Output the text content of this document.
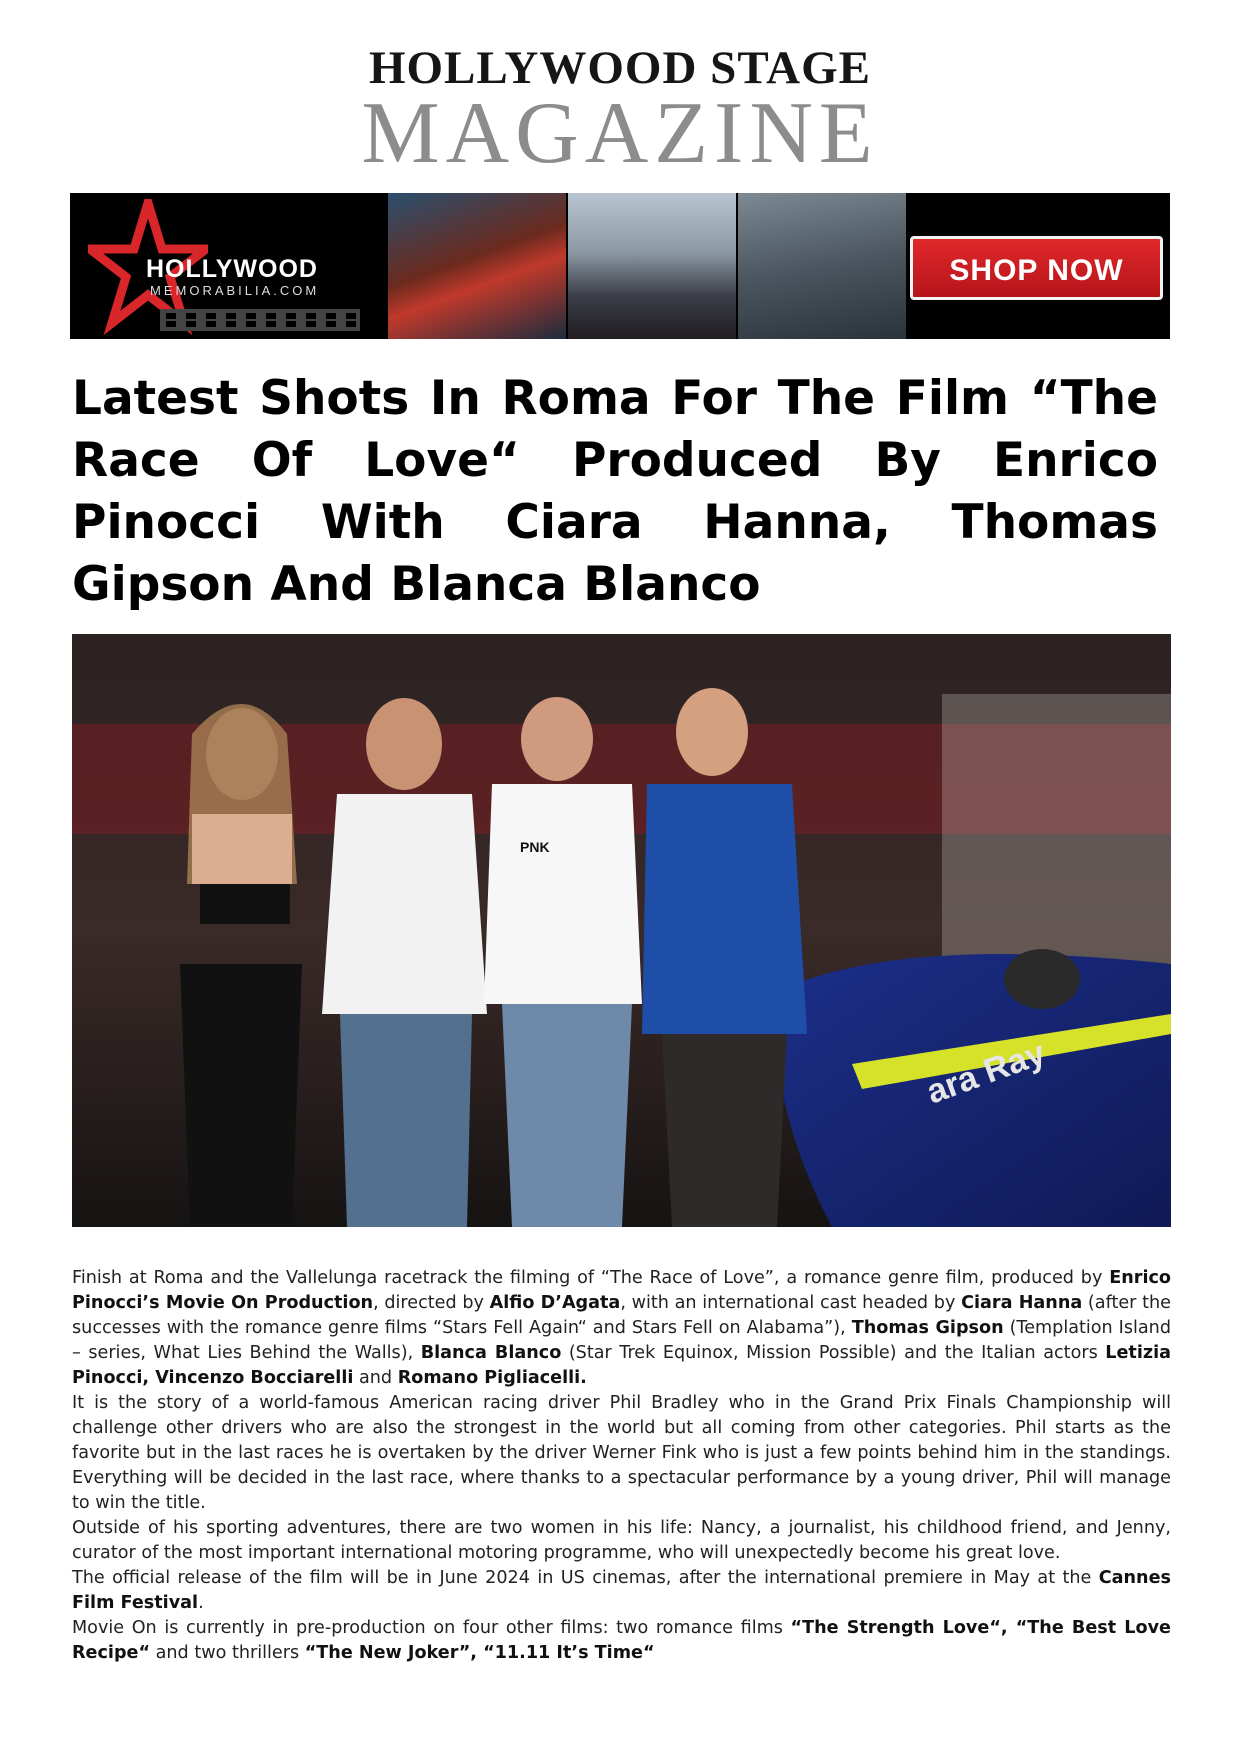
HOLLYWOOD STAGE
MAGAZINE
HOLLYWOOD
MEMORABILIA.COM
SHOP NOW
Latest Shots In Roma For The Film “The Race Of Love“ Produced By Enrico Pinocci With Ciara Hanna, Thomas Gipson And Blanca Blanco
ara Ray
PNK

Finish at Roma and the Vallelunga racetrack the filming of “The Race of Love”, a romance genre film, produced by Enrico Pinocci’s Movie On Production, directed by Alfio D’Agata, with an international cast headed by Ciara Hanna (after the successes with the romance genre films “Stars Fell Again“ and Stars Fell on Alabama”), Thomas Gipson (Templation Island – series, What Lies Behind the Walls), Blanca Blanco (Star Trek Equinox, Mission Possible) and the Italian actors Letizia Pinocci, Vincenzo Bocciarelli and Romano Pigliacelli.

It is the story of a world-famous American racing driver Phil Bradley who in the Grand Prix Finals Championship will challenge other drivers who are also the strongest in the world but all coming from other categories. Phil starts as the favorite but in the last races he is overtaken by the driver Werner Fink who is just a few points behind him in the standings. Everything will be decided in the last race, where thanks to a spectacular performance by a young driver, Phil will manage to win the title.

Outside of his sporting adventures, there are two women in his life: Nancy, a journalist, his childhood friend, and Jenny, curator of the most important international motoring programme, who will unexpectedly become his great love.

The official release of the film will be in June 2024 in US cinemas, after the international premiere in May at the Cannes Film Festival.

Movie On is currently in pre-production on four other films: two romance films “The Strength Love“, “The Best Love Recipe“ and two thrillers “The New Joker”, “11.11 It’s Time“
